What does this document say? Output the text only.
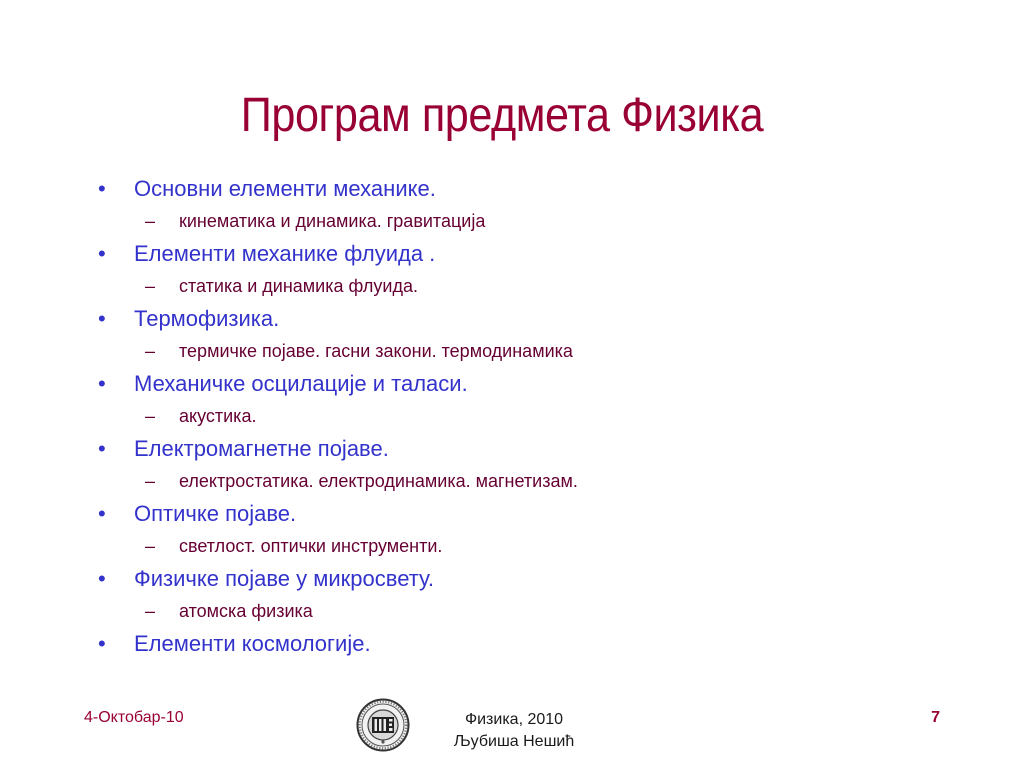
Програм предмета Физика
• Основни елементи механике.
– кинематика и динамика. гравитација
• Елементи механике флуида .
– статика и динамика флуида.
• Термофизика.
– термичке појаве. гасни закони. термодинамика
• Механичке осцилације и таласи.
– акустика.
• Електромагнетне појаве.
– електростатика. електродинамика. магнетизам.
• Оптичке појаве.
– светлост. оптички инструменти.
• Физичке појаве у микросвету.
– атомска физика
• Елементи космологије.
4-Октобар-10	Физика, 2010
Љубиша Нешић
7
